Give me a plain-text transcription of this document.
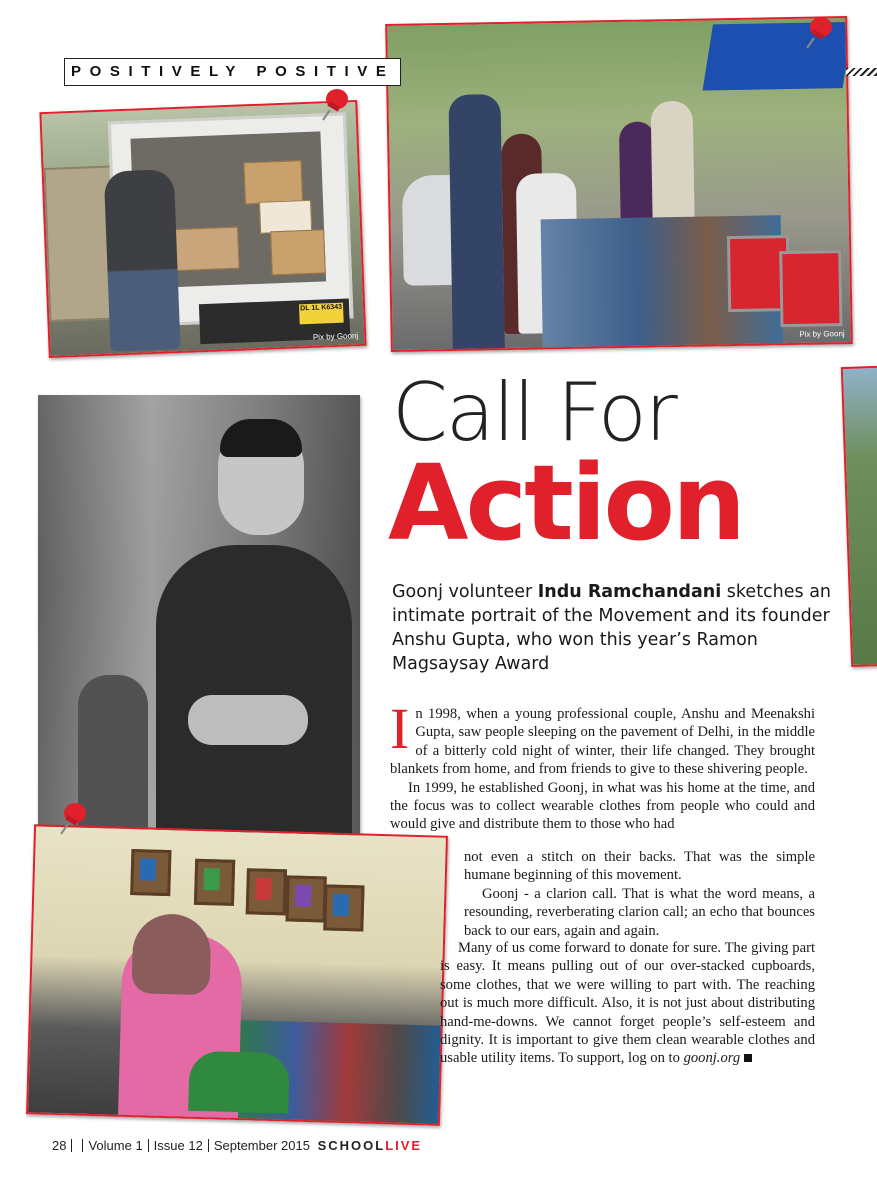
POSITIVELY POSITIVE
DL 1L K6343
Pix by Goonj	Pix by Goonj
Call For
Action
Goonj volunteer Indu Ramchandani sketches an intimate portrait of the Movement and its founder Anshu Gupta, who won this year’s Ramon Magsaysay Award

In 1998, when a young professional couple, Anshu and Meenakshi Gupta, saw people sleeping on the pavement of Delhi, in the middle of a bitterly cold night of winter, their life changed. They brought blankets from home, and from friends to give to these shivering people.

In 1999, he established Goonj, in what was his home at the time, and the focus was to collect wearable clothes from people who could and would give and distribute them to those who had

not even a stitch on their backs. That was the simple humane beginning of this movement.

Goonj - a clarion call. That is what the word means, a resounding, reverberating clarion call; an echo that bounces back to our ears, again and again.

Many of us come forward to donate for sure. The giving part is easy. It means pulling out of our over-stacked cupboards, some clothes, that we were willing to part with. The reaching out is much more difficult. Also, it is not just about distributing hand-me-downs. We cannot forget people’s self-esteem and dignity. It is important to give them clean wearable clothes and usable utility items. To support, log on to goonj.org

28 Volume 1 Issue 12 September 2015 SCHOOLLIVE
